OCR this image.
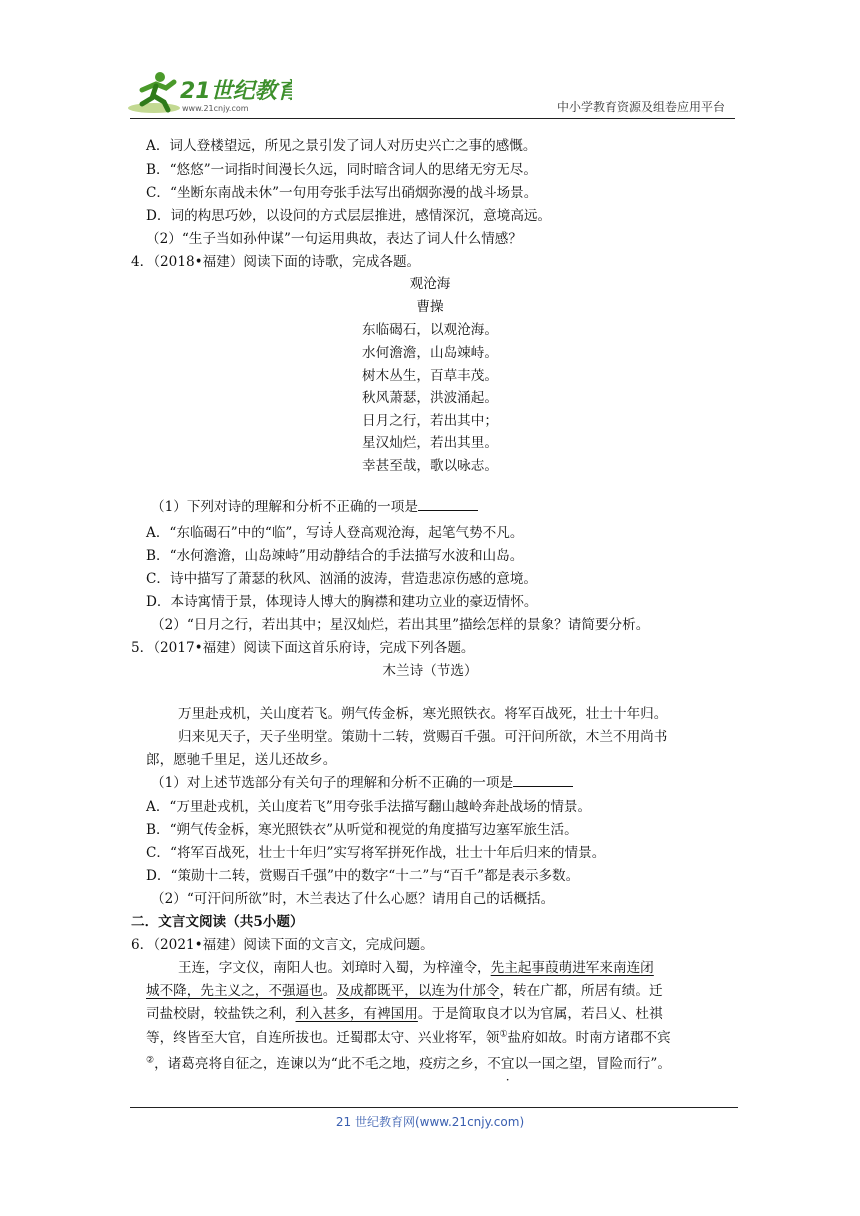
21世纪教育
www.21cnjy.com	中小学教育资源及组卷应用平台
A．词人登楼望远，所见之景引发了词人对历史兴亡之事的感慨。
B．“悠悠”一词指时间漫长久远，同时暗含词人的思绪无穷无尽。
C．“坐断东南战未休”一句用夸张手法写出硝烟弥漫的战斗场景。
D．词的构思巧妙，以设问的方式层层推进，感情深沉，意境高远。
（2）“生子当如孙仲谋”一句运用典故，表达了词人什么情感？
4．（2018•福建）阅读下面的诗歌，完成各题。
观沧海
曹操
东临碣石，以观沧海。
水何澹澹，山岛竦峙。
树木丛生，百草丰茂。
秋风萧瑟，洪波涌起。
日月之行，若出其中；
星汉灿烂，若出其里。
幸甚至哉，歌以咏志。
（1）下列对诗的理解和分析不正确的一项是
A．“东临碣石”中的“临”，写诗人登高观沧海，起笔气势不凡。
B．“水何澹澹，山岛竦峙”用动静结合的手法描写水波和山岛。
C．诗中描写了萧瑟的秋风、汹涌的波涛，营造悲凉伤感的意境。
D．本诗寓情于景，体现诗人博大的胸襟和建功立业的豪迈情怀。
（2）“日月之行，若出其中；星汉灿烂，若出其里”描绘怎样的景象？请简要分析。
5．（2017•福建）阅读下面这首乐府诗，完成下列各题。
木兰诗（节选）
万里赴戎机，关山度若飞。朔气传金柝，寒光照铁衣。将军百战死，壮士十年归。
归来见天子，天子坐明堂。策勋十二转，赏赐百千强。可汗问所欲，木兰不用尚书
郎，愿驰千里足，送儿还故乡。
（1）对上述节选部分有关句子的理解和分析不正确的一项是
A．“万里赴戎机，关山度若飞”用夸张手法描写翻山越岭奔赴战场的情景。
B．“朔气传金柝，寒光照铁衣”从听觉和视觉的角度描写边塞军旅生活。
C．“将军百战死，壮士十年归”实写将军拼死作战，壮士十年后归来的情景。
D．“策勋十二转，赏赐百千强”中的数字“十二”与“百千”都是表示多数。
（2）“可汗问所欲”时，木兰表达了什么心愿？请用自己的话概括。
二．文言文阅读（共5小题）
6．（2021•福建）阅读下面的文言文，完成问题。
王连，字文仪，南阳人也。刘璋时入蜀，为梓潼令，先主起事葭萌进军来南连闭
城不降，先主义之，不强逼也。及成都既平，以连为什邡令，转在广都，所居有绩。迁
司盐校尉，较盐铁之利，利入甚多，有裨国用。于是简取良才以为官属，若吕乂、杜祺
等，终皆至大官，自连所拔也。迁蜀郡太守、兴业将军，领①盐府如故。时南方诸郡不宾
②，诸葛亮将自征之，连谏以为“此不毛之地，疫疠之乡，不宜以一国之望，冒险而行”。
21 世纪教育网(www.21cnjy.com)
